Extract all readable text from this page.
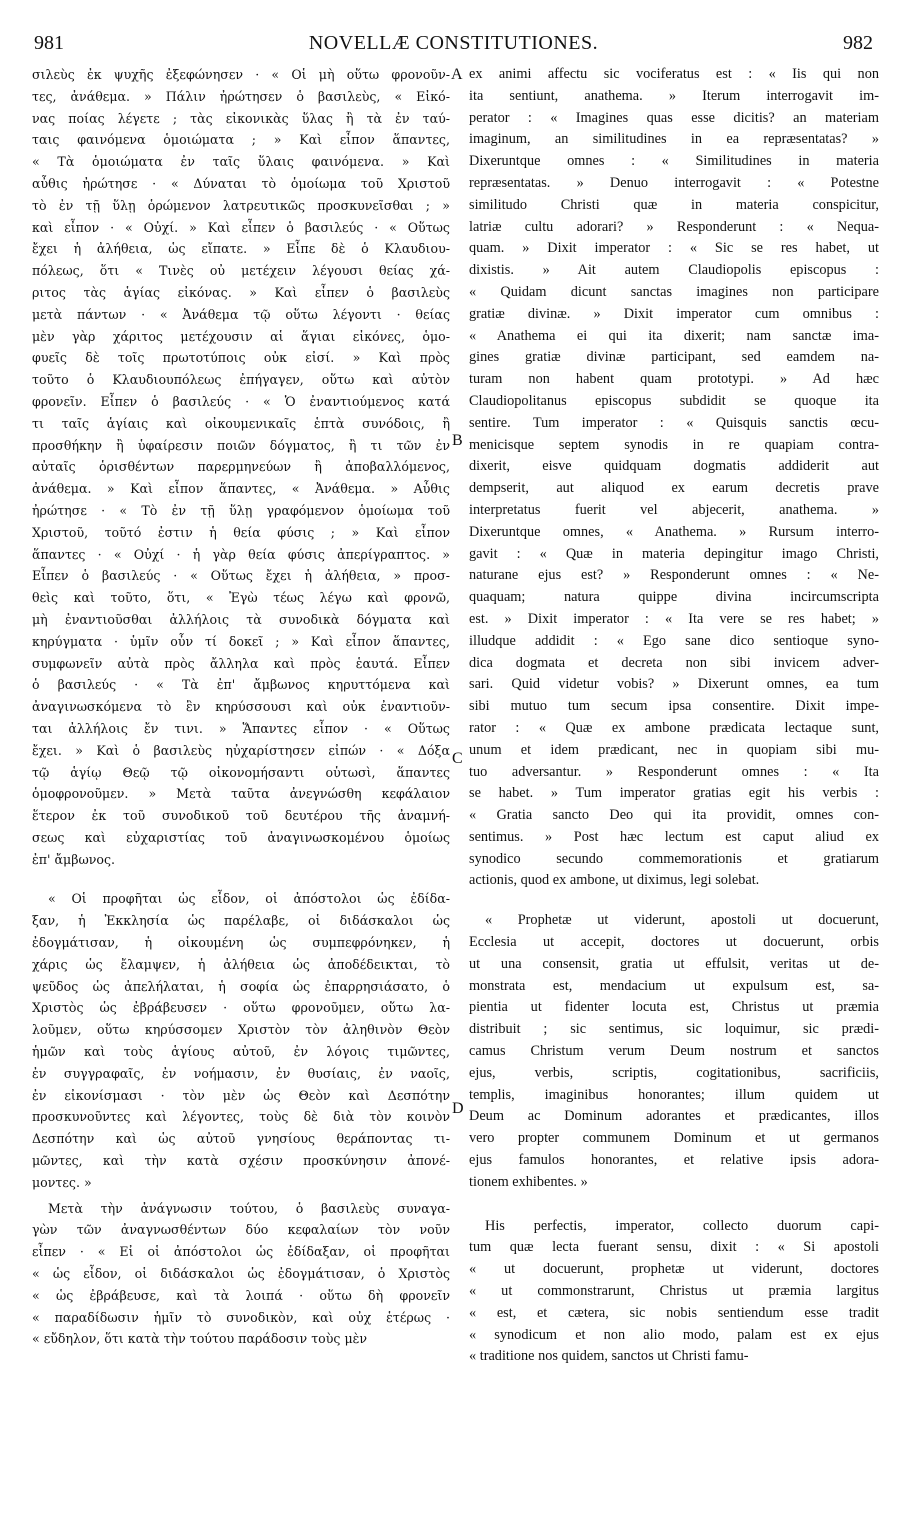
981	NOVELLÆ CONSTITUTIONES.	982
σιλεὺς ἐκ ψυχῆς ἐξεφώνησεν · « Οἱ μὴ οὕτω φρονοῦν-
τες, ἀνάθεμα. » Πάλιν ἠρώτησεν ὁ βασιλεὺς, « Εἰκό-
νας ποίας λέγετε ; τὰς εἰκονικὰς ὕλας ἢ τὰ ἐν ταύ-
ταις φαινόμενα ὁμοιώματα ; » Καὶ εἶπον ἅπαντες,
« Τὰ ὁμοιώματα ἐν ταῖς ὕλαις φαινόμενα. » Καὶ
αὖθις ἠρώτησε · « Δύναται τὸ ὁμοίωμα τοῦ Χριστοῦ
τὸ ἐν τῇ ὕλῃ ὁρώμενον λατρευτικῶς προσκυνεῖσθαι ; »
καὶ εἶπον · « Οὐχί. » Καὶ εἶπεν ὁ βασιλεύς · « Οὕτως
ἔχει ἡ ἀλήθεια, ὡς εἴπατε. » Εἶπε δὲ ὁ Κλαυδιου-
πόλεως, ὅτι « Τινὲς οὐ μετέχειν λέγουσι θείας χά-
ριτος τὰς ἁγίας εἰκόνας. » Καὶ εἶπεν ὁ βασιλεὺς
μετὰ πάντων · « Ἀνάθεμα τῷ οὕτω λέγοντι · θείας
μὲν γὰρ χάριτος μετέχουσιν αἱ ἅγιαι εἰκόνες, ὁμο-
φυεῖς δὲ τοῖς πρωτοτύποις οὐκ εἰσί. » Καὶ πρὸς
τοῦτο ὁ Κλαυδιουπόλεως ἐπήγαγεν, οὕτω καὶ αὐτὸν
φρονεῖν. Εἶπεν ὁ βασιλεύς · « Ὁ ἐναντιούμενος κατά
τι ταῖς ἁγίαις καὶ οἰκουμενικαῖς ἑπτὰ συνόδοις, ἢ
προσθήκην ἢ ὑφαίρεσιν ποιῶν δόγματος, ἢ τι τῶν ἐν
αὐταῖς ὁρισθέντων παρερμηνεύων ἢ ἀποβαλλόμενος,
ἀνάθεμα. » Καὶ εἶπον ἅπαντες, « Ἀνάθεμα. » Αὖθις
ἠρώτησε · « Τὸ ἐν τῇ ὕλῃ γραφόμενον ὁμοίωμα τοῦ
Χριστοῦ, τοῦτό ἐστιν ἡ θεία φύσις ; » Καὶ εἶπον
ἅπαντες · « Οὐχί · ἡ γὰρ θεία φύσις ἀπερίγραπτος. »
Εἶπεν ὁ βασιλεύς · « Οὕτως ἔχει ἡ ἀλήθεια, » προσ-
θεὶς καὶ τοῦτο, ὅτι, « Ἐγὼ τέως λέγω καὶ φρονῶ,
μὴ ἐναντιοῦσθαι ἀλλήλοις τὰ συνοδικὰ δόγματα καὶ
κηρύγματα · ὑμῖν οὖν τί δοκεῖ ; » Καὶ εἶπον ἅπαντες,
συμφωνεῖν αὐτὰ πρὸς ἄλληλα καὶ πρὸς ἑαυτά. Εἶπεν
ὁ βασιλεύς · « Τὰ ἐπ' ἄμβωνος κηρυττόμενα καὶ
ἀναγινωσκόμενα τὸ ἓν κηρύσσουσι καὶ οὐκ ἐναντιοῦν-
ται ἀλλήλοις ἔν τινι. » Ἅπαντες εἶπον · « Οὕτως
ἔχει. » Καὶ ὁ βασιλεὺς ηὐχαρίστησεν εἰπών · « Δόξα
τῷ ἁγίῳ Θεῷ τῷ οἰκονομήσαντι οὑτωσὶ, ἅπαντες
ὁμοφρονοῦμεν. » Μετὰ ταῦτα ἀνεγνώσθη κεφάλαιον
ἕτερον ἐκ τοῦ συνοδικοῦ τοῦ δευτέρου τῆς ἀναμνή-
σεως καὶ εὐχαριστίας τοῦ ἀναγινωσκομένου ὁμοίως
ἐπ' ἄμβωνος.
« Οἱ προφῆται ὡς εἶδον, οἱ ἀπόστολοι ὡς ἐδίδα-
ξαν, ἡ Ἐκκλησία ὡς παρέλαβε, οἱ διδάσκαλοι ὡς
ἐδογμάτισαν, ἡ οἰκουμένη ὡς συμπεφρόνηκεν, ἡ
χάρις ὡς ἔλαμψεν, ἡ ἀλήθεια ὡς ἀποδέδεικται, τὸ
ψεῦδος ὡς ἀπελήλαται, ἡ σοφία ὡς ἐπαρρησιάσατο, ὁ
Χριστὸς ὡς ἐβράβευσεν · οὕτω φρονοῦμεν, οὕτω λα-
λοῦμεν, οὕτω κηρύσσομεν Χριστὸν τὸν ἀληθινὸν Θεὸν
ἡμῶν καὶ τοὺς ἁγίους αὐτοῦ, ἐν λόγοις τιμῶντες,
ἐν συγγραφαῖς, ἐν νοήμασιν, ἐν θυσίαις, ἐν ναοῖς,
ἐν εἰκονίσμασι · τὸν μὲν ὡς Θεὸν καὶ Δεσπότην
προσκυνοῦντες καὶ λέγοντες, τοὺς δὲ διὰ τὸν κοινὸν
Δεσπότην καὶ ὡς αὐτοῦ γνησίους θεράποντας τι-
μῶντες, καὶ τὴν κατὰ σχέσιν προσκύνησιν ἀπονέ-
μοντες. »
Μετὰ τὴν ἀνάγνωσιν τούτου, ὁ βασιλεὺς συναγα-
γὼν τῶν ἀναγνωσθέντων δύο κεφαλαίων τὸν νοῦν
εἶπεν · « Εἰ οἱ ἀπόστολοι ὡς ἐδίδαξαν, οἱ προφῆται
« ὡς εἶδον, οἱ διδάσκαλοι ὡς ἐδογμάτισαν, ὁ Χριστὸς
« ὡς ἐβράβευσε, καὶ τὰ λοιπά · οὕτω δὴ φρονεῖν
« παραδίδωσιν ἡμῖν τὸ συνοδικὸν, καὶ οὐχ ἑτέρως ·
« εὔδηλον, ὅτι κατὰ τὴν τούτου παράδοσιν τοὺς μὲν
ex animi affectu sic vociferatus est : « Iis qui non
ita sentiunt, anathema. » Iterum interrogavit im-
perator : « Imagines quas esse dicitis? an materiam
imaginum, an similitudines in ea repræsentatas? »
Dixeruntque omnes : « Similitudines in materia
repræsentatas. » Denuo interrogavit : « Potestne
similitudo Christi quæ in materia conspicitur,
latriæ cultu adorari? » Responderunt : « Nequa-
quam. » Dixit imperator : « Sic se res habet, ut
dixistis. » Ait autem Claudiopolis episcopus :
« Quidam dicunt sanctas imagines non participare
gratiæ divinæ. » Dixit imperator cum omnibus :
« Anathema ei qui ita dixerit; nam sanctæ ima-
gines gratiæ divinæ participant, sed eamdem na-
turam non habent quam prototypi. » Ad hæc
Claudiopolitanus episcopus subdidit se quoque ita
sentire. Tum imperator : « Quisquis sanctis œcu-
menicisque septem synodis in re quapiam contra-
dixerit, eisve quidquam dogmatis addiderit aut
dempserit, aut aliquod ex earum decretis prave
interpretatus fuerit vel abjecerit, anathema. »
Dixeruntque omnes, « Anathema. » Rursum interro-
gavit : « Quæ in materia depingitur imago Christi,
naturane ejus est? » Responderunt omnes : « Ne-
quaquam; natura quippe divina incircumscripta
est. » Dixit imperator : « Ita vere se res habet; »
illudque addidit : « Ego sane dico sentioque syno-
dica dogmata et decreta non sibi invicem adver-
sari. Quid videtur vobis? » Dixerunt omnes, ea tum
sibi mutuo tum secum ipsa consentire. Dixit impe-
rator : « Quæ ex ambone prædicata lectaque sunt,
unum et idem prædicant, nec in quopiam sibi mu-
tuo adversantur. » Responderunt omnes : « Ita
se habet. » Tum imperator gratias egit his verbis :
« Gratia sancto Deo qui ita providit, omnes con-
sentimus. » Post hæc lectum est caput aliud ex
synodico secundo commemorationis et gratiarum
actionis, quod ex ambone, ut diximus, legi solebat.
« Prophetæ ut viderunt, apostoli ut docuerunt,
Ecclesia ut accepit, doctores ut docuerunt, orbis
ut una consensit, gratia ut effulsit, veritas ut de-
monstrata est, mendacium ut expulsum est, sa-
pientia ut fidenter locuta est, Christus ut præmia
distribuit ; sic sentimus, sic loquimur, sic prædi-
camus Christum verum Deum nostrum et sanctos
ejus, verbis, scriptis, cogitationibus, sacrificiis,
templis, imaginibus honorantes; illum quidem ut
Deum ac Dominum adorantes et prædicantes, illos
vero propter communem Dominum et ut germanos
ejus famulos honorantes, et relative ipsis adora-
tionem exhibentes. »
His perfectis, imperator, collecto duorum capi-
tum quæ lecta fuerant sensu, dixit : « Si apostoli
« ut docuerunt, prophetæ ut viderunt, doctores
« ut commonstrarunt, Christus ut præmia largitus
« est, et cætera, sic nobis sentiendum esse tradit
« synodicum et non alio modo, palam est ex ejus
« traditione nos quidem, sanctos ut Christi famu-
A
B
C
D
